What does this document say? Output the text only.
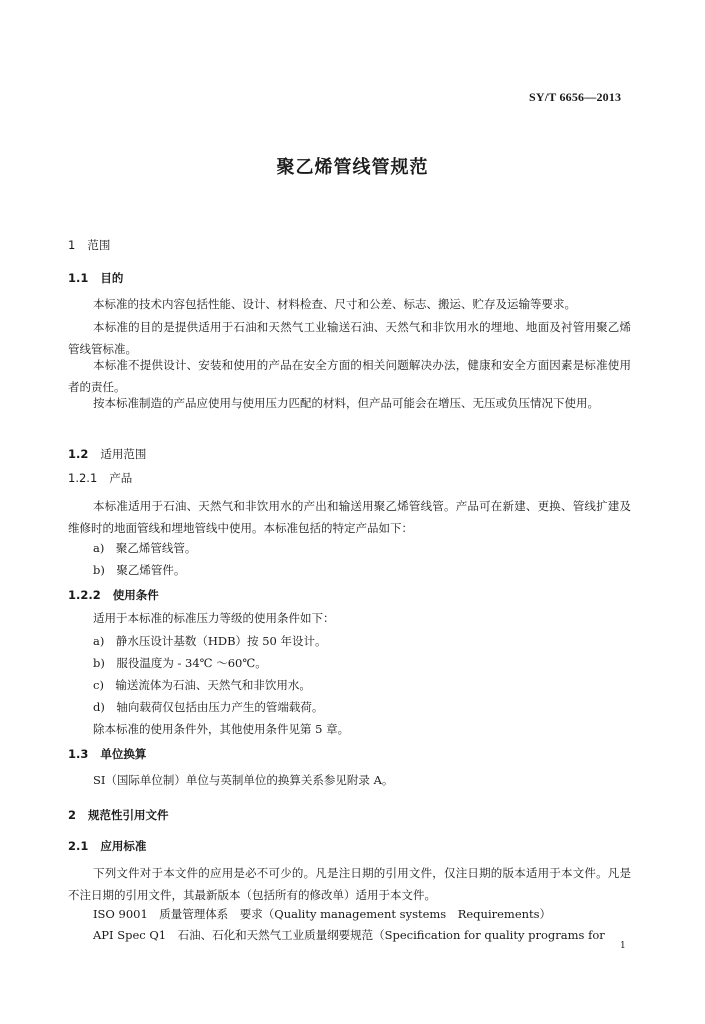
SY/T 6656—2013
聚乙烯管线管规范
1 范围
1.1 目的
本标准的技术内容包括性能、设计、材料检查、尺寸和公差、标志、搬运、贮存及运输等要求。
本标准的目的是提供适用于石油和天然气工业输送石油、天然气和非饮用水的埋地、地面及衬管用聚乙烯管线管标准。
本标准不提供设计、安装和使用的产品在安全方面的相关问题解决办法，健康和安全方面因素是标准使用者的责任。
按本标准制造的产品应使用与使用压力匹配的材料，但产品可能会在增压、无压或负压情况下使用。
1.2 适用范围
1.2.1 产品
本标准适用于石油、天然气和非饮用水的产出和输送用聚乙烯管线管。产品可在新建、更换、管线扩建及维修时的地面管线和埋地管线中使用。本标准包括的特定产品如下：
a)　聚乙烯管线管。
b)　聚乙烯管件。
1.2.2 使用条件
适用于本标准的标准压力等级的使用条件如下：
a)　静水压设计基数（HDB）按 50 年设计。
b)　服役温度为 - 34℃ ～60℃。
c)　输送流体为石油、天然气和非饮用水。
d)　轴向载荷仅包括由压力产生的管端载荷。
除本标准的使用条件外，其他使用条件见第 5 章。
1.3 单位换算
SI（国际单位制）单位与英制单位的换算关系参见附录 A。
2 规范性引用文件
2.1 应用标准
下列文件对于本文件的应用是必不可少的。凡是注日期的引用文件，仅注日期的版本适用于本文件。凡是不注日期的引用文件，其最新版本（包括所有的修改单）适用于本文件。
ISO 9001　质量管理体系　要求（Quality management systems　Requirements）
API Spec Q1　石油、石化和天然气工业质量纲要规范（Specification for quality programs for
1
